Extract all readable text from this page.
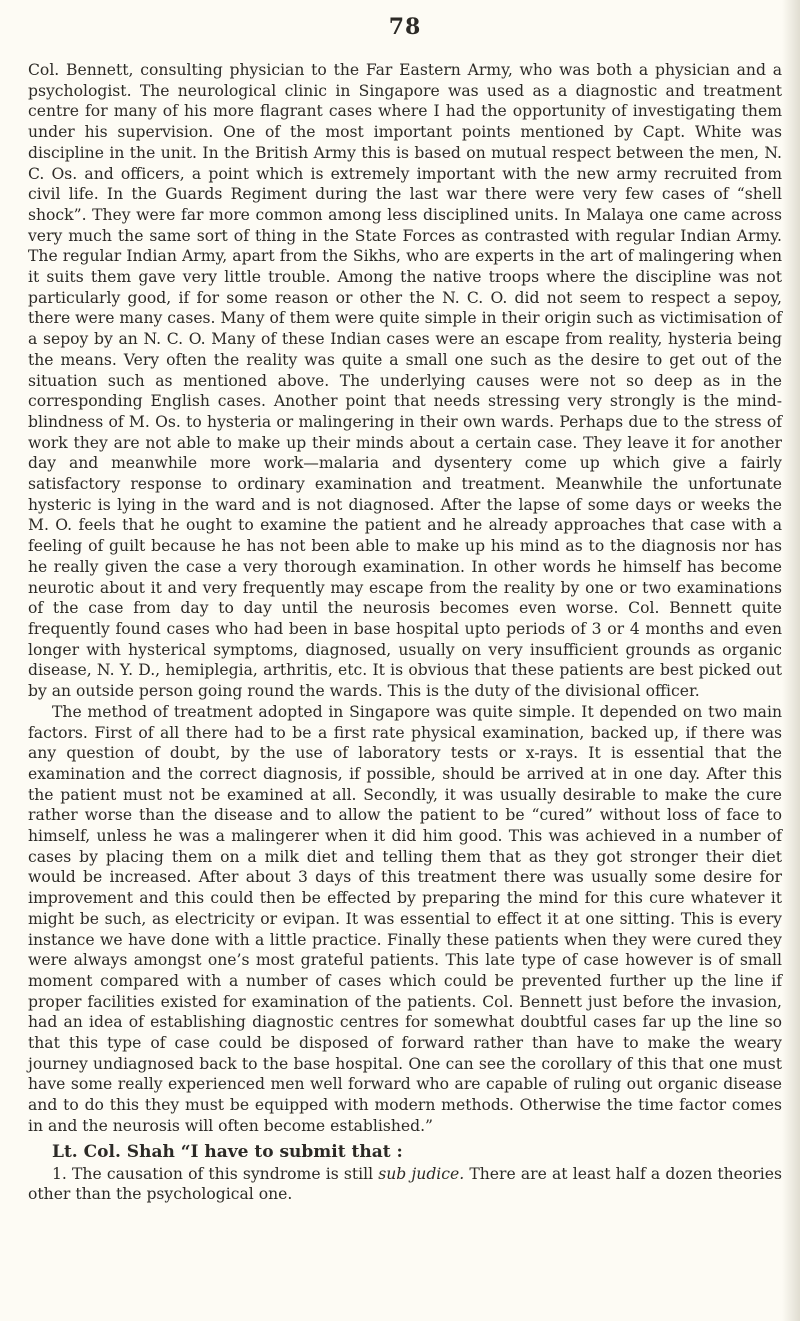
78

Col. Bennett, consulting physician to the Far Eastern Army, who was both a physician and a psychologist. The neurological clinic in Singapore was used as a diagnostic and treatment centre for many of his more flagrant cases where I had the opportunity of investigating them under his supervision. One of the most important points mentioned by Capt. White was discipline in the unit. In the British Army this is based on mutual respect between the men, N. C. Os. and officers, a point which is extremely important with the new army recruited from civil life. In the Guards Regiment during the last war there were very few cases of “shell shock”. They were far more common among less disciplined units. In Malaya one came across very much the same sort of thing in the State Forces as contrasted with regular Indian Army. The regular Indian Army, apart from the Sikhs, who are experts in the art of malingering when it suits them gave very little trouble. Among the native troops where the discipline was not particularly good, if for some reason or other the N. C. O. did not seem to respect a sepoy, there were many cases. Many of them were quite simple in their origin such as victimisation of a sepoy by an N. C. O. Many of these Indian cases were an escape from reality, hysteria being the means. Very often the reality was quite a small one such as the desire to get out of the situation such as mentioned above. The underlying causes were not so deep as in the corresponding English cases. Another point that needs stressing very strongly is the mind-blindness of M. Os. to hysteria or malingering in their own wards. Perhaps due to the stress of work they are not able to make up their minds about a certain case. They leave it for another day and meanwhile more work—malaria and dysentery come up which give a fairly satisfactory response to ordinary examination and treatment. Meanwhile the unfortunate hysteric is lying in the ward and is not diagnosed. After the lapse of some days or weeks the M. O. feels that he ought to examine the patient and he already approaches that case with a feeling of guilt because he has not been able to make up his mind as to the diagnosis nor has he really given the case a very thorough examination. In other words he himself has become neurotic about it and very frequently may escape from the reality by one or two examinations of the case from day to day until the neurosis becomes even worse. Col. Bennett quite frequently found cases who had been in base hospital upto periods of 3 or 4 months and even longer with hysterical symptoms, diagnosed, usually on very insufficient grounds as organic disease, N. Y. D., hemiplegia, arthritis, etc. It is obvious that these patients are best picked out by an outside person going round the wards. This is the duty of the divisional officer.

The method of treatment adopted in Singapore was quite simple. It depended on two main factors. First of all there had to be a first rate physical examination, backed up, if there was any question of doubt, by the use of laboratory tests or x-rays. It is essential that the examination and the correct diagnosis, if possible, should be arrived at in one day. After this the patient must not be examined at all. Secondly, it was usually desirable to make the cure rather worse than the disease and to allow the patient to be “cured” without loss of face to himself, unless he was a malingerer when it did him good. This was achieved in a number of cases by placing them on a milk diet and telling them that as they got stronger their diet would be increased. After about 3 days of this treatment there was usually some desire for improvement and this could then be effected by preparing the mind for this cure whatever it might be such, as electricity or evipan. It was essential to effect it at one sitting. This is every instance we have done with a little practice. Finally these patients when they were cured they were always amongst one’s most grateful patients. This late type of case however is of small moment compared with a number of cases which could be prevented further up the line if proper facilities existed for examination of the patients. Col. Bennett just before the invasion, had an idea of establishing diagnostic centres for somewhat doubtful cases far up the line so that this type of case could be disposed of forward rather than have to make the weary journey undiagnosed back to the base hospital. One can see the corollary of this that one must have some really experienced men well forward who are capable of ruling out organic disease and to do this they must be equipped with modern methods. Otherwise the time factor comes in and the neurosis will often become established.”

Lt. Col. Shah “I have to submit that :

1. The causation of this syndrome is still sub judice. There are at least half a dozen theories other than the psychological one.
